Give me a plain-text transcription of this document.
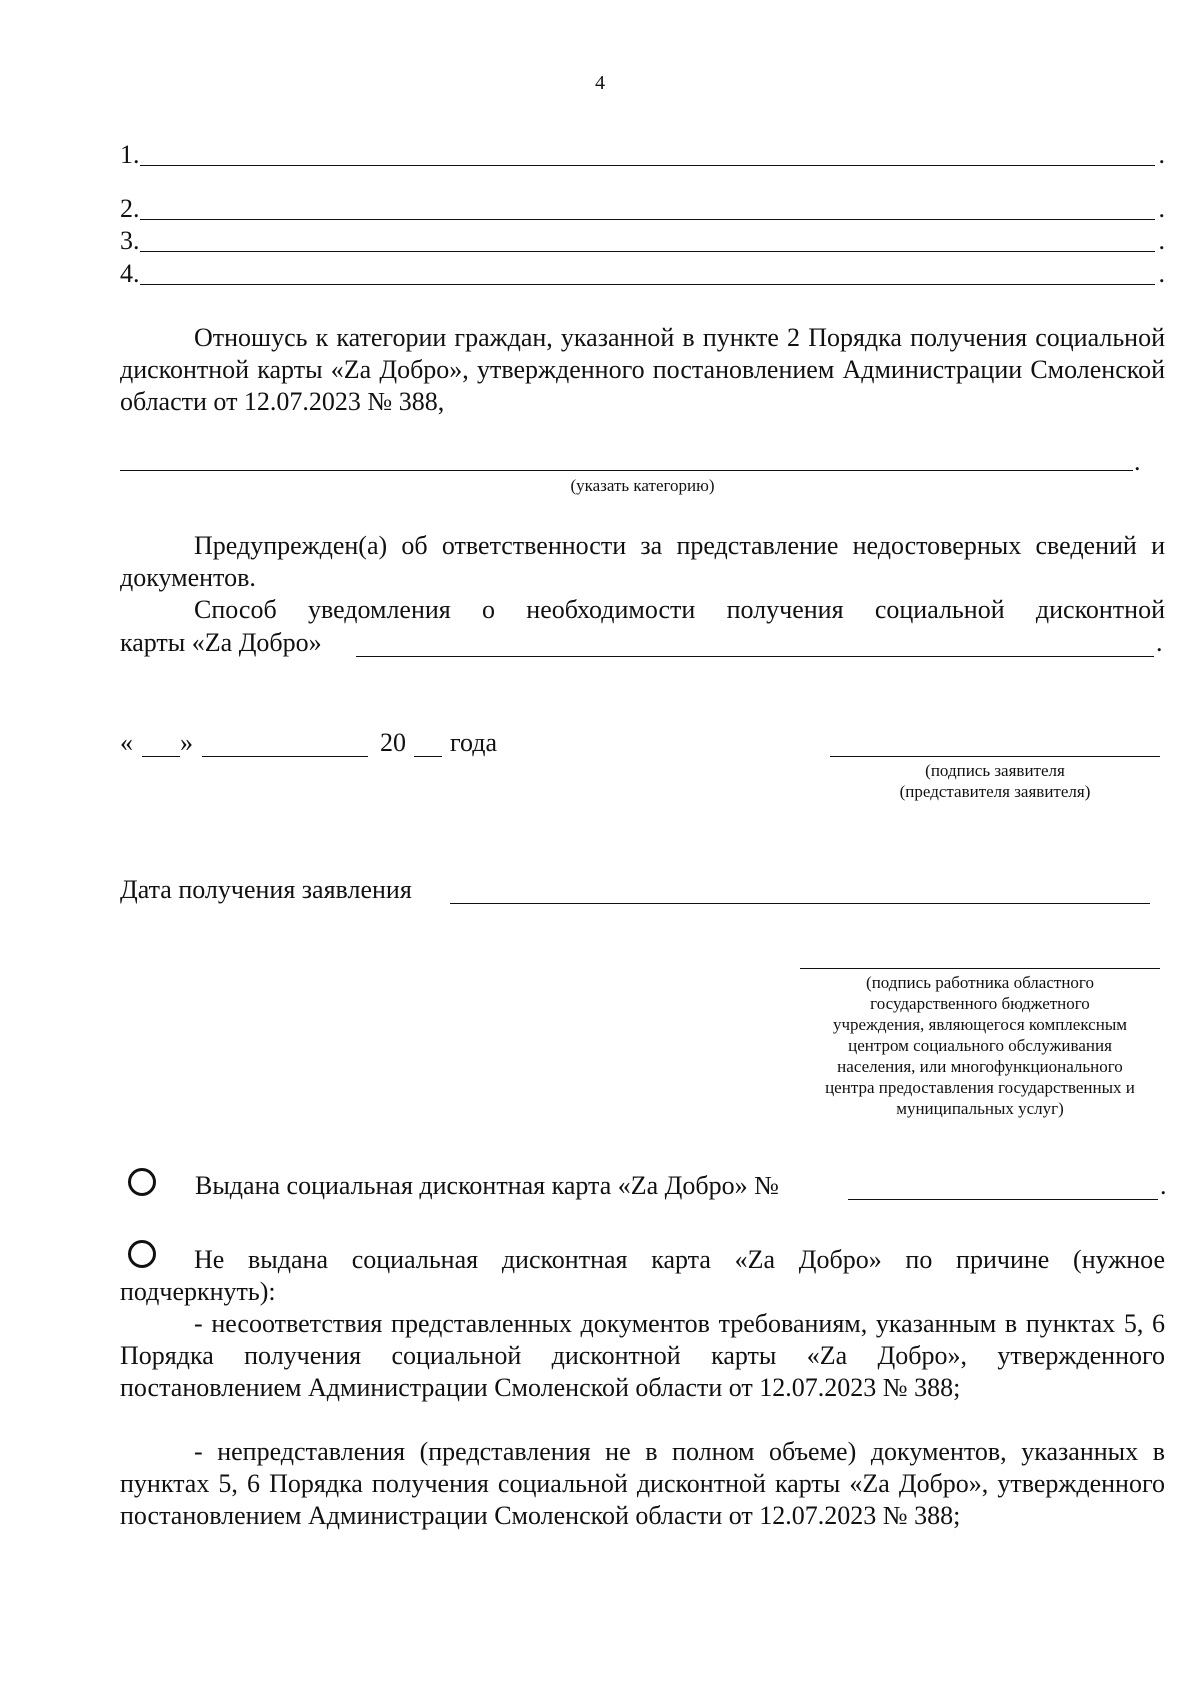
4
1.	.
2.	.
3.	.
4.	.

Отношусь к категории граждан, указанной в пункте 2 Порядка получения социальной дисконтной карты «Za Добро», утвержденного постановлением Администрации Смоленской области от 12.07.2023 № 388,

.
(указать категорию)

Предупрежден(а) об ответственности за представление недостоверных сведений и документов.

Способ уведомления о необходимости получения социальной дисконтной

карты «Za Добро»	.
« »	20 года
(подпись заявителя
(представителя заявителя)
Дата получения заявления
(подпись работника областного
государственного бюджетного
учреждения, являющегося комплексным
центром социального обслуживания
населения, или многофункционального
центра предоставления государственных и
муниципальных услуг)
Выдана социальная дисконтная карта «Za Добро» №	.

Не выдана социальная дисконтная карта «Za Добро» по причине (нужное подчеркнуть):

- несоответствия представленных документов требованиям, указанным в пунктах 5, 6 Порядка получения социальной дисконтной карты «Za Добро», утвержденного постановлением Администрации Смоленской области от 12.07.2023 № 388;

- непредставления (представления не в полном объеме) документов, указанных в пунктах 5, 6 Порядка получения социальной дисконтной карты «Za Добро», утвержденного постановлением Администрации Смоленской области от 12.07.2023 № 388;
